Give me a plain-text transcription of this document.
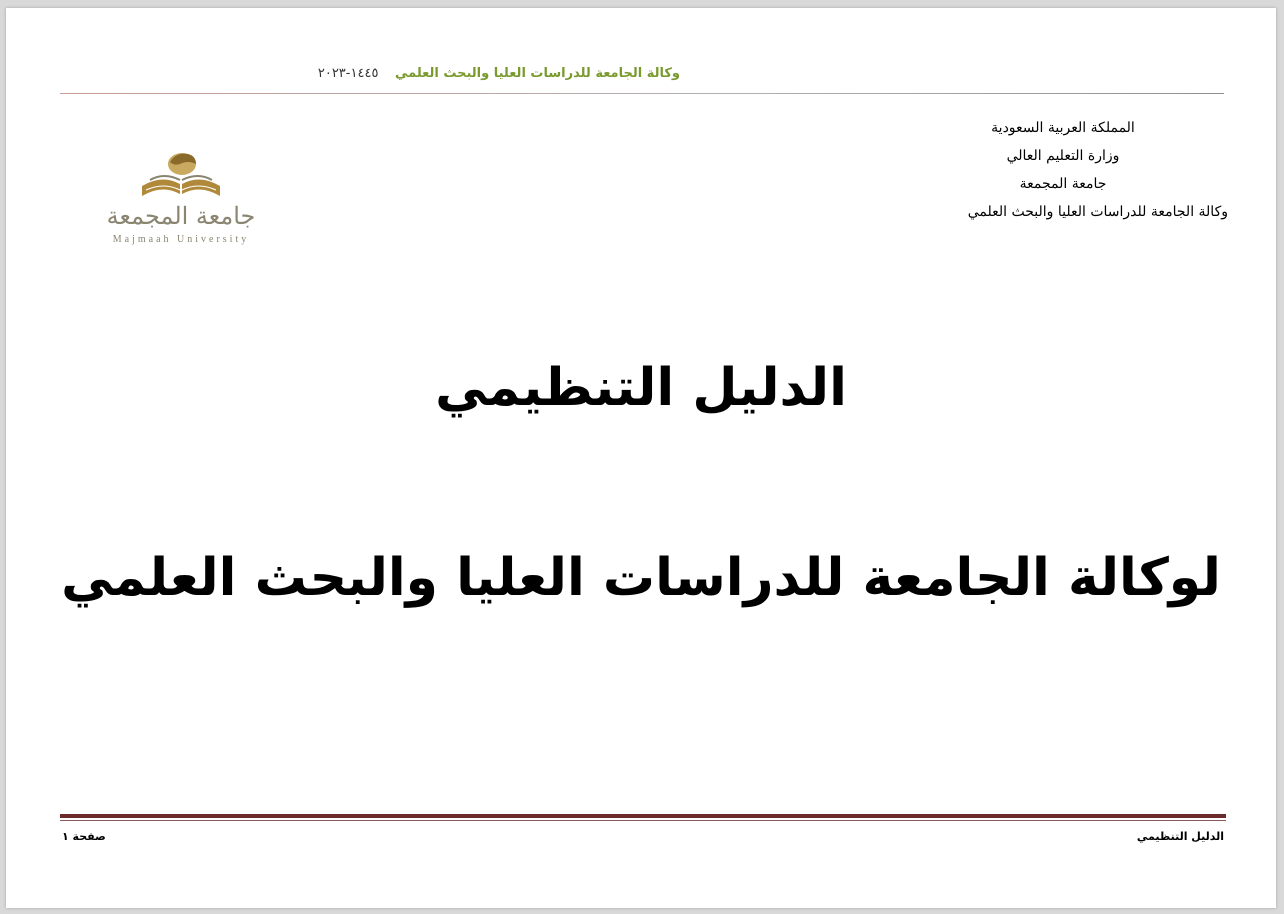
وكالة الجامعة للدراسات العليا والبحث العلمي ١٤٤٥-٢٠٢٣
المملكة العربية السعودية
وزارة التعليم العالي
جامعة المجمعة
وكالة الجامعة للدراسات العليا والبحث العلمي
جامعة المجمعة
Majmaah University
الدليل التنظيمي
لوكالة الجامعة للدراسات العليا والبحث العلمي
صفحة ١	الدليل التنظيمي
